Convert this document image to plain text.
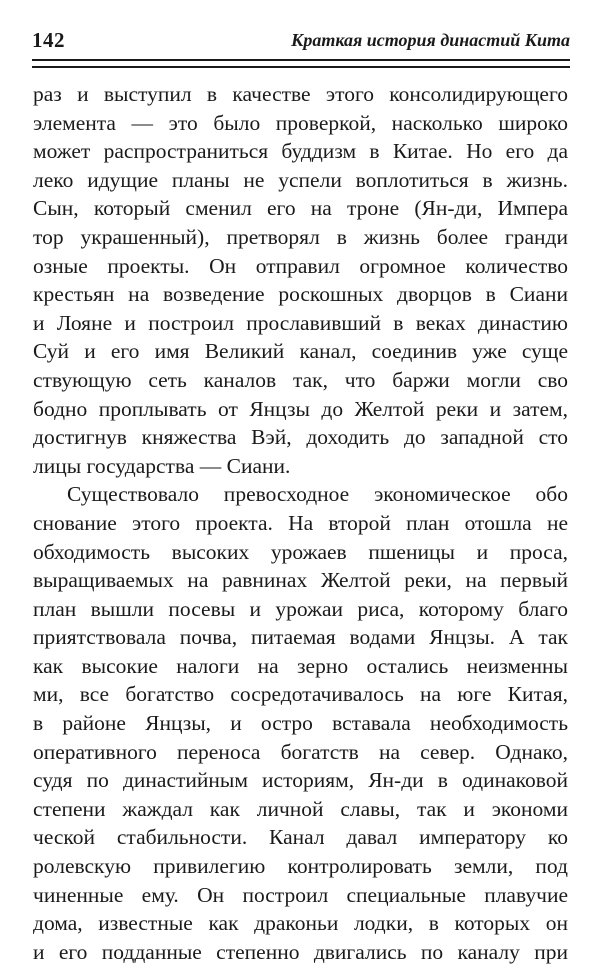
142	Краткая история династий Кита
раз и выступил в качестве этого консолидирующего
элемента — это было проверкой, насколько широко
может распространиться буддизм в Китае. Но его да
леко идущие планы не успели воплотиться в жизнь.
Сын, который сменил его на троне (Ян-ди, Импера
тор украшенный), претворял в жизнь более гранди
озные проекты. Он отправил огромное количество
крестьян на возведение роскошных дворцов в Сиани
и Лояне и построил прославивший в веках династию
Суй и его имя Великий канал, соединив уже суще
ствующую сеть каналов так, что баржи могли сво
бодно проплывать от Янцзы до Желтой реки и затем,
достигнув княжества Вэй, доходить до западной сто
лицы государства — Сиани.
Существовало превосходное экономическое обо
снование этого проекта. На второй план отошла не
обходимость высоких урожаев пшеницы и проса,
выращиваемых на равнинах Желтой реки, на первый
план вышли посевы и урожаи риса, которому благо
приятствовала почва, питаемая водами Янцзы. А так
как высокие налоги на зерно остались неизменны
ми, все богатство сосредотачивалось на юге Китая,
в районе Янцзы, и остро вставала необходимость
оперативного переноса богатств на север. Однако,
судя по династийным историям, Ян-ди в одинаковой
степени жаждал как личной славы, так и экономи
ческой стабильности. Канал давал императору ко
ролевскую привилегию контролировать земли, под
чиненные ему. Он построил специальные плавучие
дома, известные как драконьи лодки, в которых он
и его подданные степенно двигались по каналу при
